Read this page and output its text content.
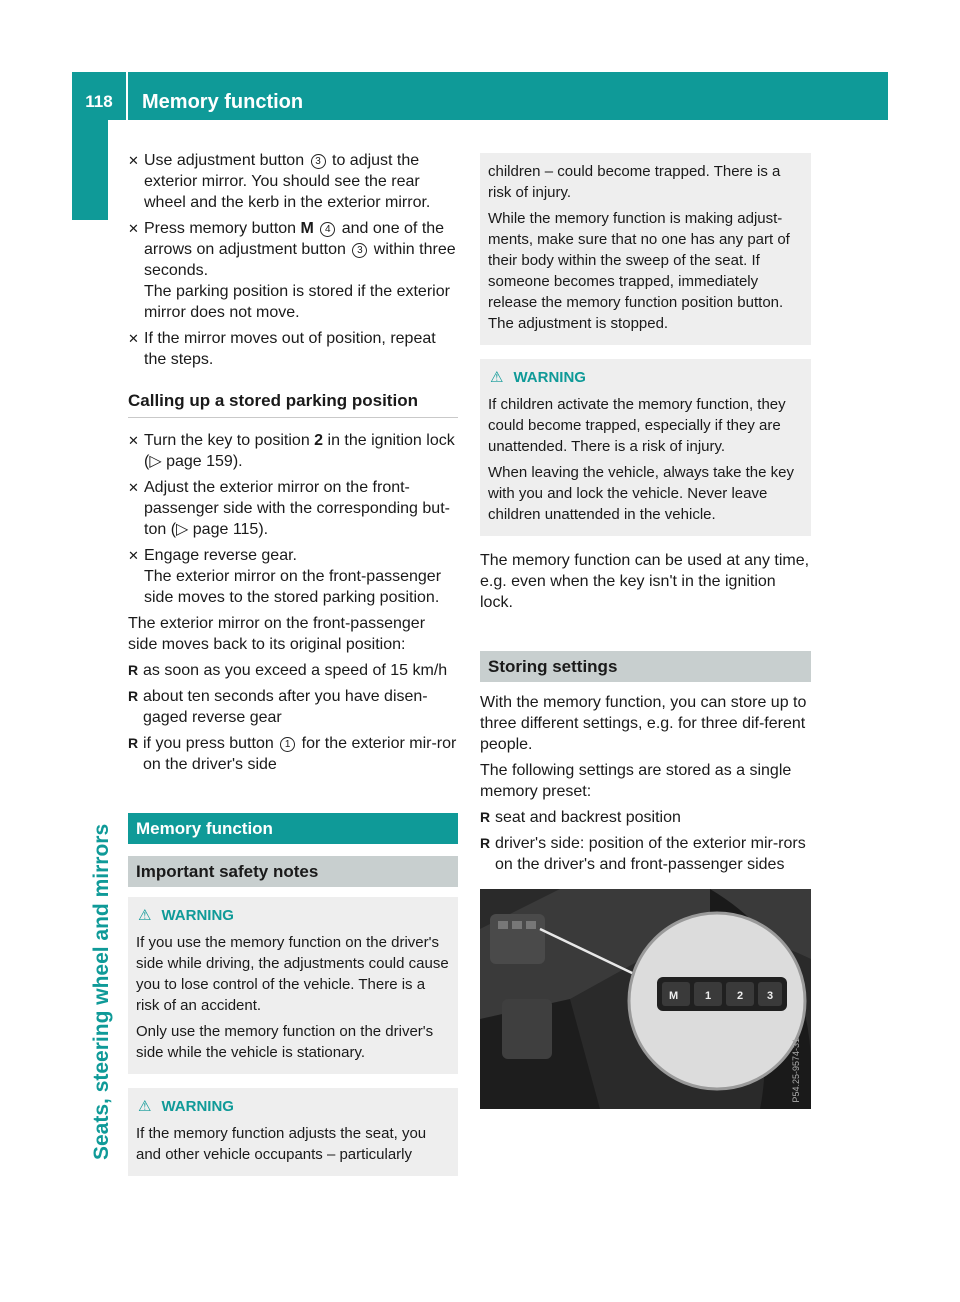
118	Memory function
Seats, steering wheel and mirrors
✕ Use adjustment button 3 to adjust the exterior mirror. You should see the rear wheel and the kerb in the exterior mirror.
✕ Press memory button M 4 and one of the arrows on adjustment button 3 within three seconds.
The parking position is stored if the exterior mirror does not move.
✕ If the mirror moves out of position, repeat the steps.
Calling up a stored parking position
✕ Turn the key to position 2 in the ignition lock (▷ page 159).
✕ Adjust the exterior mirror on the front-passenger side with the corresponding but-ton (▷ page 115).
✕ Engage reverse gear.
The exterior mirror on the front-passenger side moves to the stored parking position.

The exterior mirror on the front-passenger side moves back to its original position:

R as soon as you exceed a speed of 15 km/h
R about ten seconds after you have disen-gaged reverse gear
R if you press button 1 for the exterior mir-ror on the driver's side
Memory function
Important safety notes
⚠ WARNING

If you use the memory function on the driver's side while driving, the adjustments could cause you to lose control of the vehicle. There is a risk of an accident.

Only use the memory function on the driver's side while the vehicle is stationary.

⚠ WARNING

If the memory function adjusts the seat, you and other vehicle occupants – particularly

children – could become trapped. There is a risk of injury.

While the memory function is making adjust-ments, make sure that no one has any part of their body within the sweep of the seat. If someone becomes trapped, immediately release the memory function position button. The adjustment is stopped.

⚠ WARNING

If children activate the memory function, they could become trapped, especially if they are unattended. There is a risk of injury.

When leaving the vehicle, always take the key with you and lock the vehicle. Never leave children unattended in the vehicle.

The memory function can be used at any time, e.g. even when the key isn't in the ignition lock.

Storing settings

With the memory function, you can store up to three different settings, e.g. for three dif-ferent people.

The following settings are stored as a single memory preset:

R seat and backrest position
R driver's side: position of the exterior mir-rors on the driver's and front-passenger sides
M 1 2 3
P54.25-9574-31
